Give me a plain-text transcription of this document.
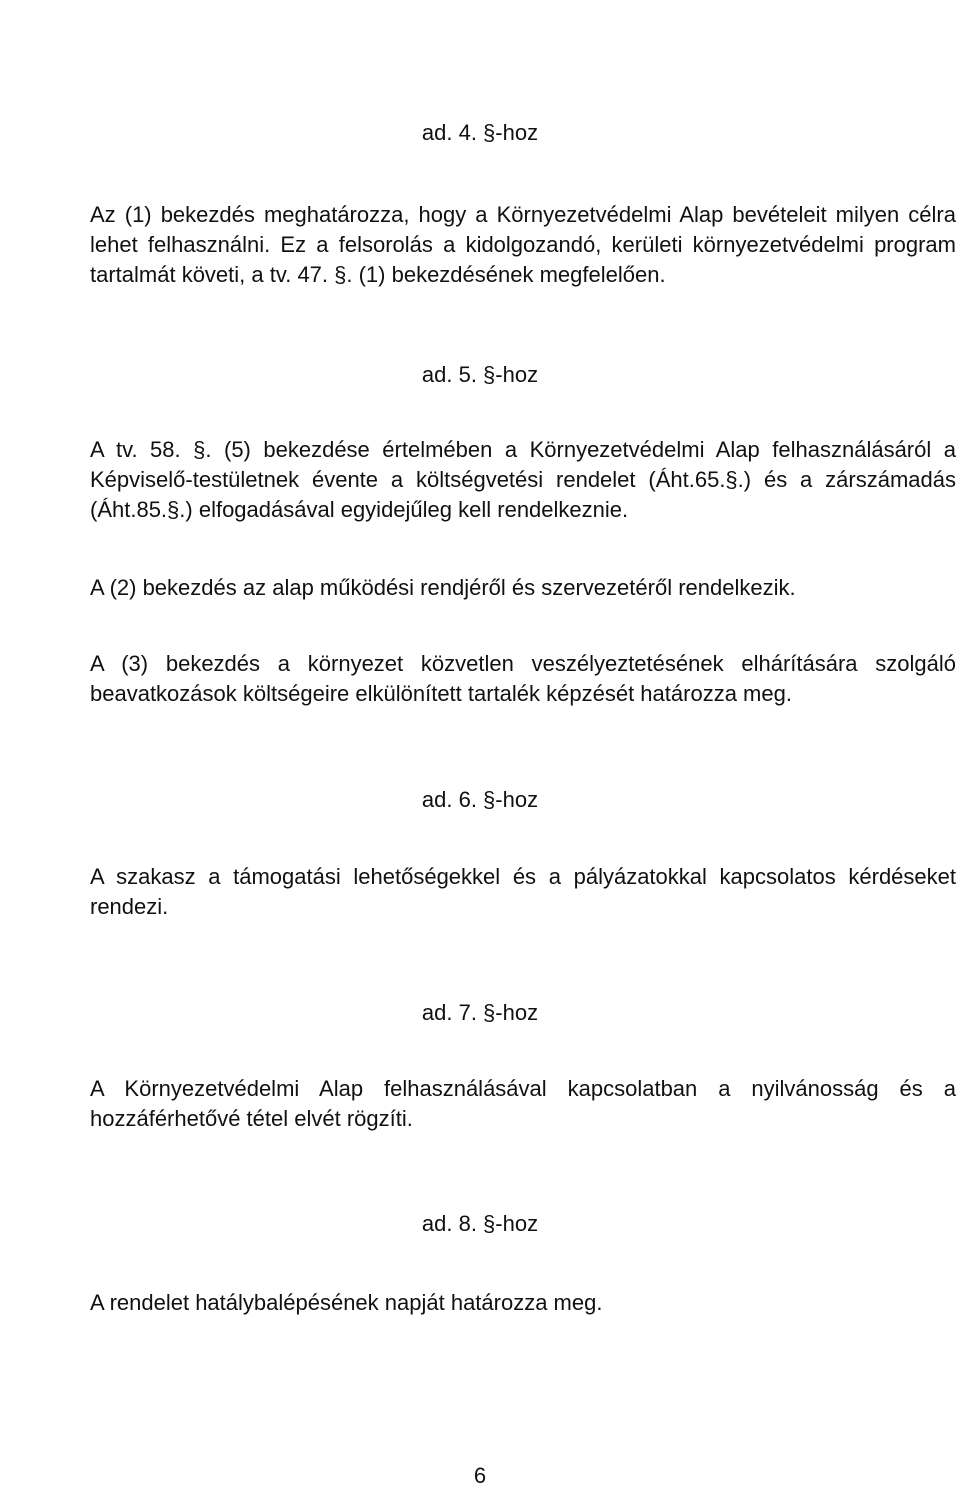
ad. 4. §-hoz

Az (1) bekezdés meghatározza, hogy a Környezetvédelmi Alap bevételeit milyen célra lehet felhasználni. Ez a felsorolás a kidolgozandó, kerületi környezetvédelmi program tartalmát követi, a tv. 47. §. (1) bekezdésének megfelelően.

ad. 5. §-hoz

A tv. 58. §. (5) bekezdése értelmében a Környezetvédelmi Alap felhasználásáról a Képviselő-testületnek évente a költségvetési rendelet (Áht.65.§.) és a zárszámadás (Áht.85.§.) elfogadásával egyidejűleg kell rendelkeznie.

A (2) bekezdés az alap működési rendjéről és szervezetéről rendelkezik.

A (3) bekezdés a környezet közvetlen veszélyeztetésének elhárítására szolgáló beavatkozások költségeire elkülönített tartalék képzését határozza meg.

ad. 6. §-hoz

A szakasz a támogatási lehetőségekkel és a pályázatokkal kapcsolatos kérdéseket rendezi.

ad. 7. §-hoz

A Környezetvédelmi Alap felhasználásával kapcsolatban a nyilvánosság és a hozzáférhetővé tétel elvét rögzíti.

ad. 8. §-hoz

A rendelet hatálybalépésének napját határozza meg.

6
